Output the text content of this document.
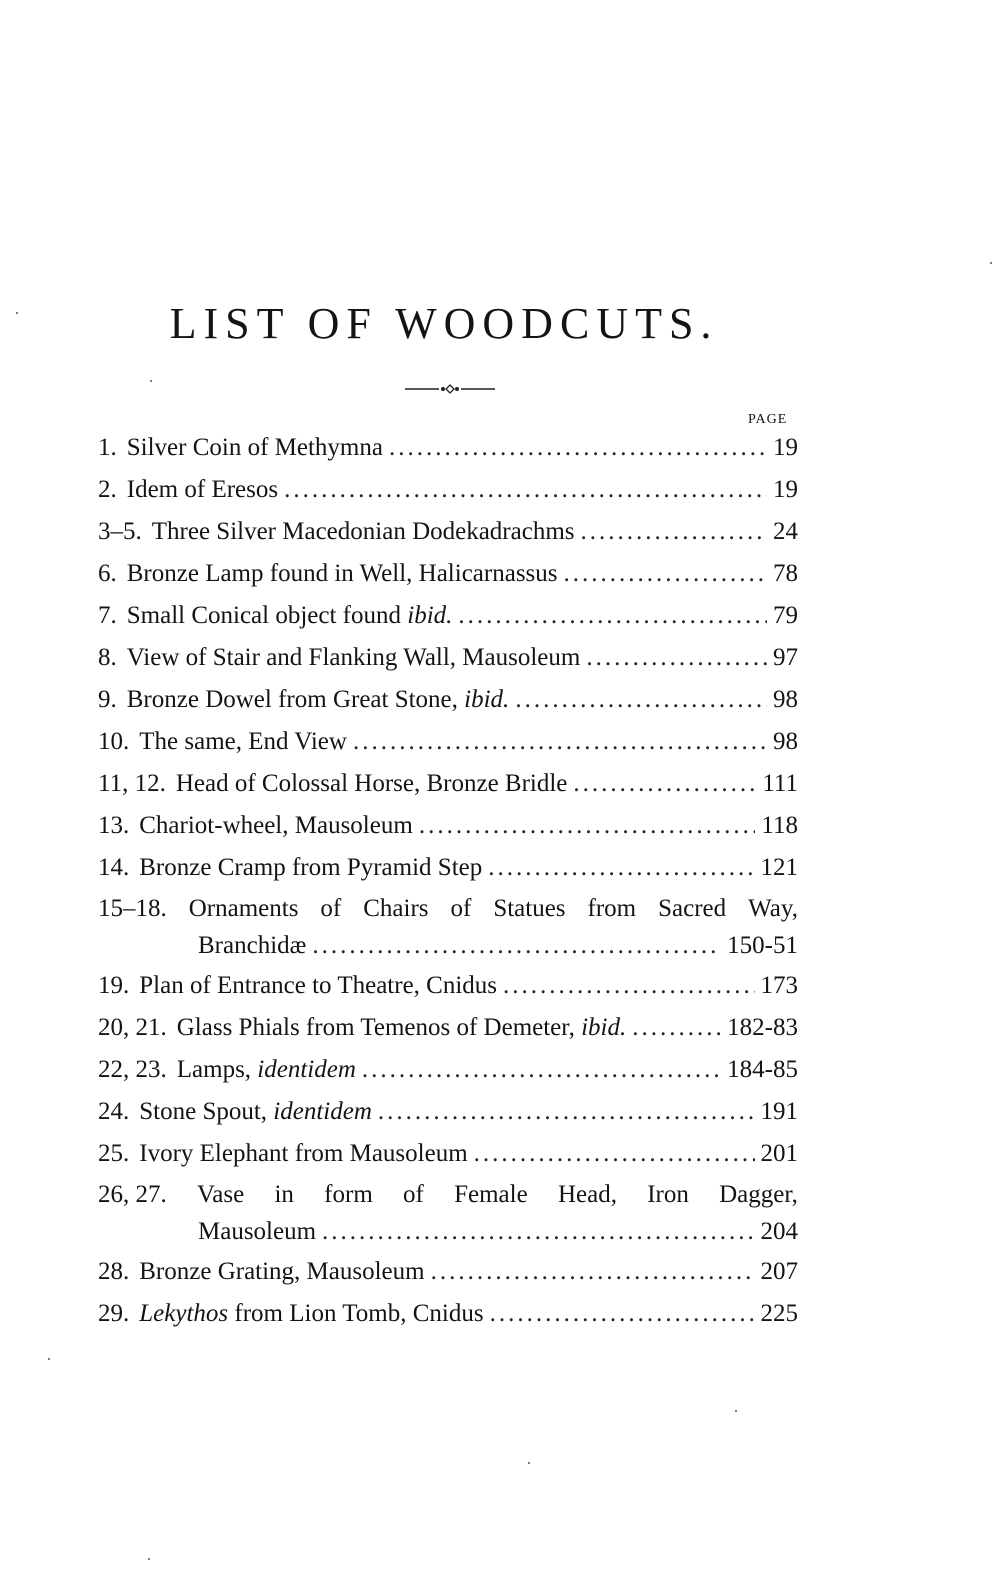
LIST OF WOODCUTS.
PAGE
1. Silver Coin of Methymna .....	19
2. Idem of Eresos .....	19
3–5. Three Silver Macedonian Dodekadrachms .....	24
6. Bronze Lamp found in Well, Halicarnassus .....	78
7. Small Conical object found
ibid. .....	79
8. View of Stair and Flanking Wall, Mausoleum .....	97
9. Bronze Dowel from Great Stone,
ibid. .....	98
10. The same, End View .....	98
11, 12. Head of Colossal Horse, Bronze Bridle .....	111
13. Chariot-wheel, Mausoleum .....	118
14. Bronze Cramp from Pyramid Step .....	121
15–18. Ornaments of Chairs of Statues from Sacred Way,
Branchidæ .....	150-51
19. Plan of Entrance to Theatre, Cnidus .....	173
20, 21. Glass Phials from Temenos of Demeter,
ibid. .....	182-83
22, 23. Lamps,
identidem .....	184-85
24. Stone Spout,
identidem .....	191
25. Ivory Elephant from Mausoleum .....	201
26, 27. Vase in form of Female Head, Iron Dagger,
Mausoleum .....	204
28. Bronze Grating, Mausoleum .....	207
29. Lekythos
from Lion Tomb, Cnidus .....	225
